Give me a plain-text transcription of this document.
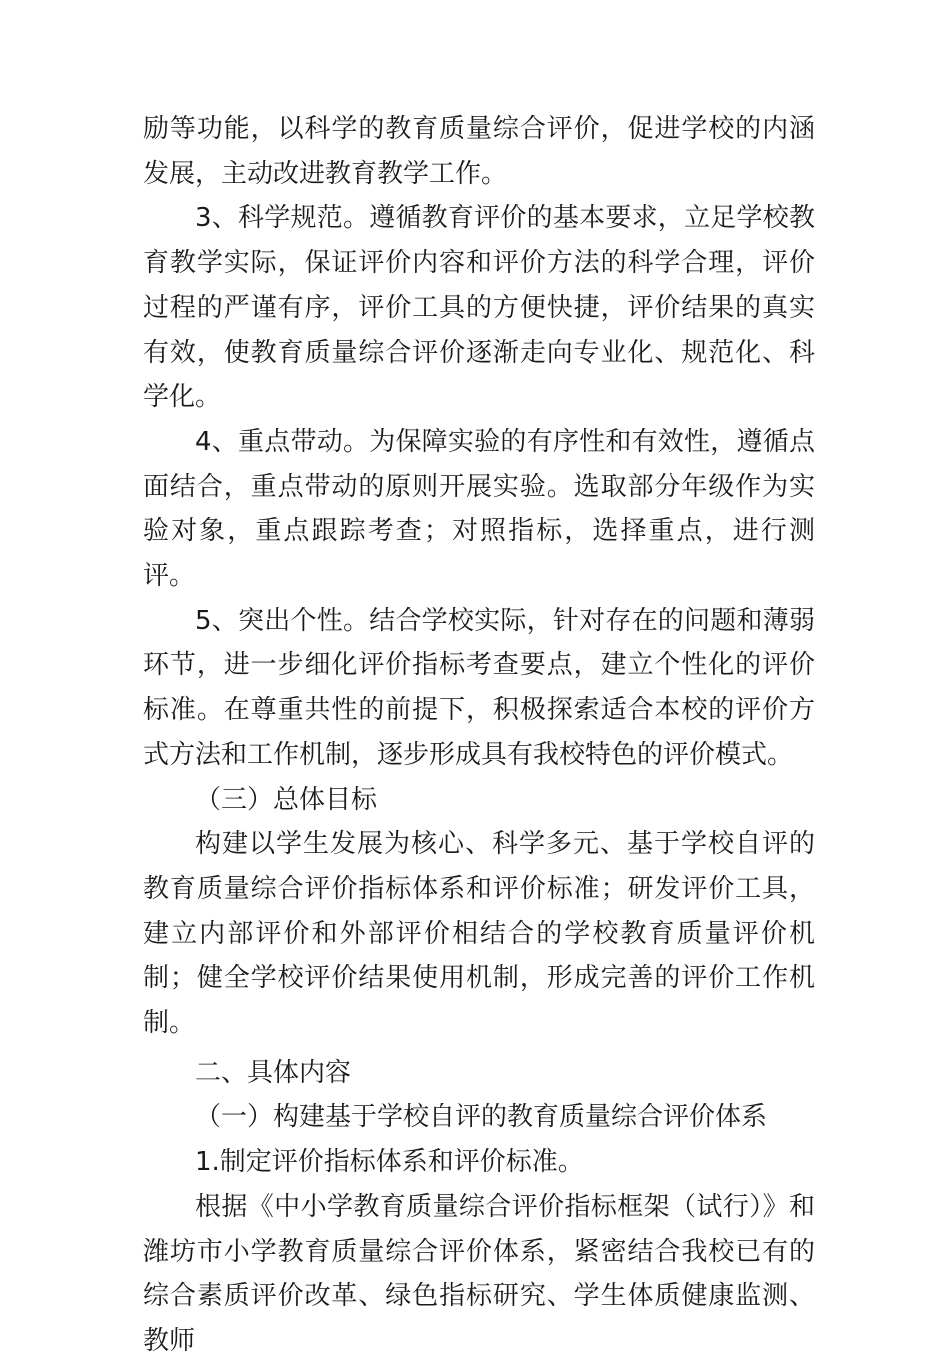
励等功能，以科学的教育质量综合评价，促进学校的内涵发展，主动改进教育教学工作。

3、科学规范。遵循教育评价的基本要求，立足学校教育教学实际，保证评价内容和评价方法的科学合理，评价过程的严谨有序，评价工具的方便快捷，评价结果的真实有效，使教育质量综合评价逐渐走向专业化、规范化、科学化。

4、重点带动。为保障实验的有序性和有效性，遵循点面结合，重点带动的原则开展实验。选取部分年级作为实验对象，重点跟踪考查；对照指标，选择重点，进行测评。

5、突出个性。结合学校实际，针对存在的问题和薄弱环节，进一步细化评价指标考查要点，建立个性化的评价标准。在尊重共性的前提下，积极探索适合本校的评价方式方法和工作机制，逐步形成具有我校特色的评价模式。

（三）总体目标

构建以学生发展为核心、科学多元、基于学校自评的教育质量综合评价指标体系和评价标准；研发评价工具，建立内部评价和外部评价相结合的学校教育质量评价机制；健全学校评价结果使用机制，形成完善的评价工作机制。

二、具体内容

（一）构建基于学校自评的教育质量综合评价体系

1.制定评价指标体系和评价标准。

根据《中小学教育质量综合评价指标框架（试行）》和潍坊市小学教育质量综合评价体系，紧密结合我校已有的综合素质评价改革、绿色指标研究、学生体质健康监测、教师
